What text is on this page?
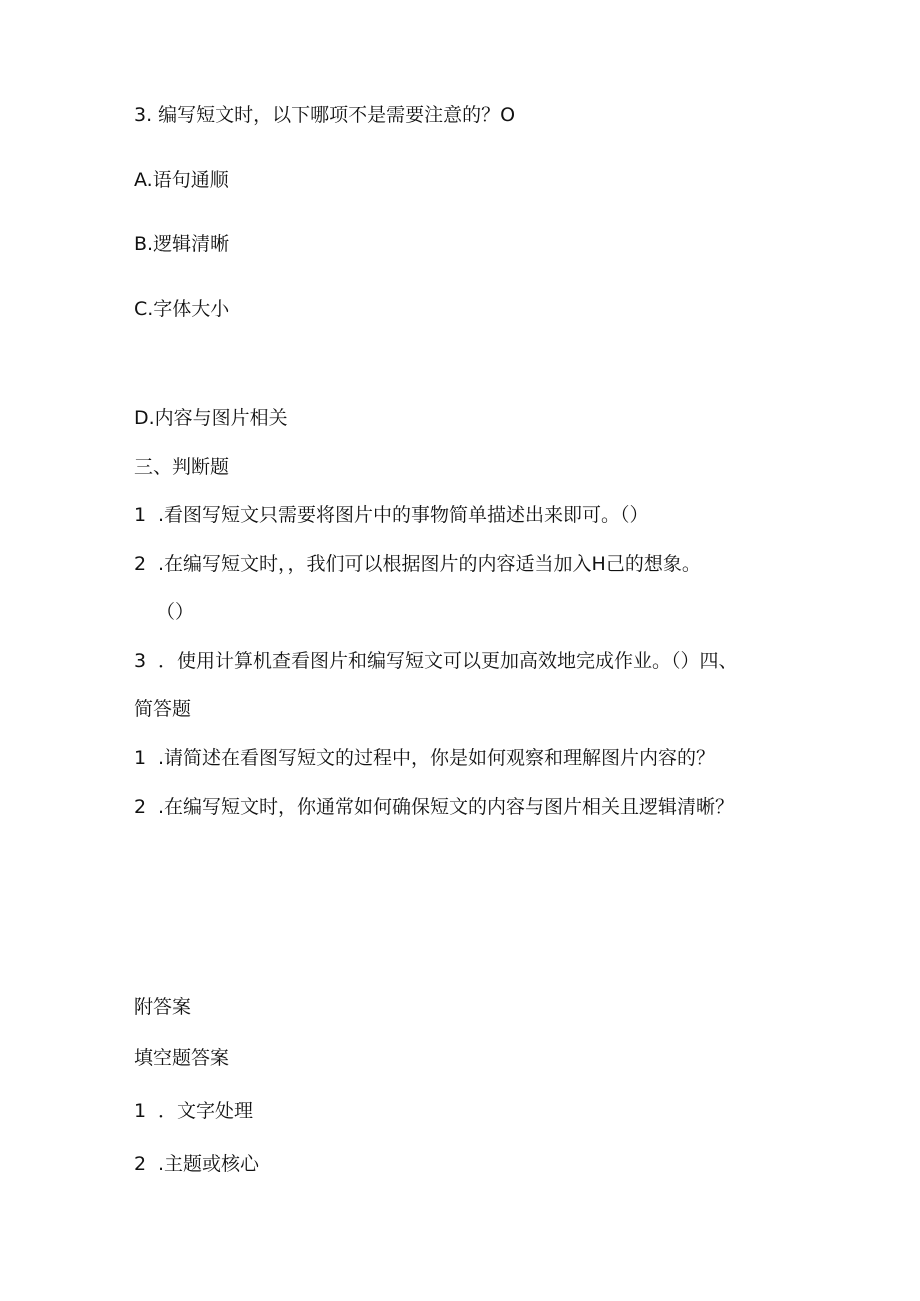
3. 编写短文时，以下哪项不是需要注意的？O
A.语句通顺
B.逻辑清晰
C.字体大小
D.内容与图片相关
三、判断题
1 .看图写短文只需要将图片中的事物简单描述出来即可。（）
2 .在编写短文时，，我们可以根据图片的内容适当加入H己的想象。
（）
3 ．使用计算机查看图片和编写短文可以更加高效地完成作业。（）四、
简答题
1 .请简述在看图写短文的过程中，你是如何观察和理解图片内容的？
2 .在编写短文时，你通常如何确保短文的内容与图片相关且逻辑清晰？
附答案
填空题答案
1 ．文字处理
2 .主题或核心
